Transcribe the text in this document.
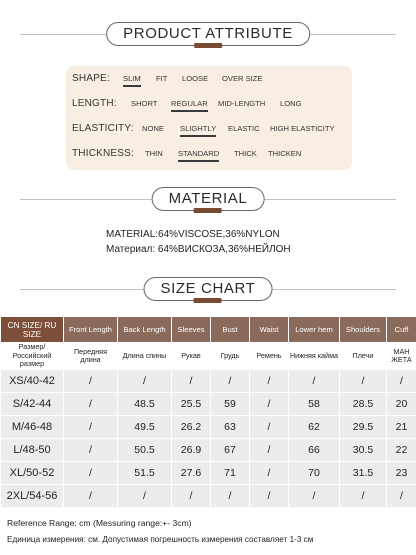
PRODUCT ATTRIBUTE
SHAPE: SLIM FIT LOOSE OVER SIZE
LENGTH: SHORT REGULAR MID-LENGTH LONG
ELASTICITY: NONE SLIGHTLY ELASTIC HIGH ELASTICITY
THICKNESS: THIN STANDARD THICK THICKEN
MATERIAL
MATERIAL:64%VISCOSE,36%NYLON
Материал: 64%ВИСКОЗА,36%НЕЙЛОН
SIZE CHART
CN SIZE/ RU SIZE	Front Length	Back Length	Sleeves	Bust	Waist	Lower hem	Shoulders	Cuff
Размер/ Российский размер	Передняя длина	Длина спины	Рукав	Грудь	Ремень	Нижняя кайма	Плечи	МАН ЖЕТА
XS/40-42	/	/	/	/	/	/	/	/
S/42-44	/	48.5	25.5	59	/	58	28.5	20
M/46-48	/	49.5	26.2	63	/	62	29.5	21
L/48-50	/	50.5	26.9	67	/	66	30.5	22
XL/50-52	/	51.5	27.6	71	/	70	31.5	23
2XL/54-56	/	/	/	/	/	/	/	/
Reference Range: cm (Messuring range:+- 3cm)
Единица измерения: см. Допустимая погрешность измерения составляет 1-3 см
